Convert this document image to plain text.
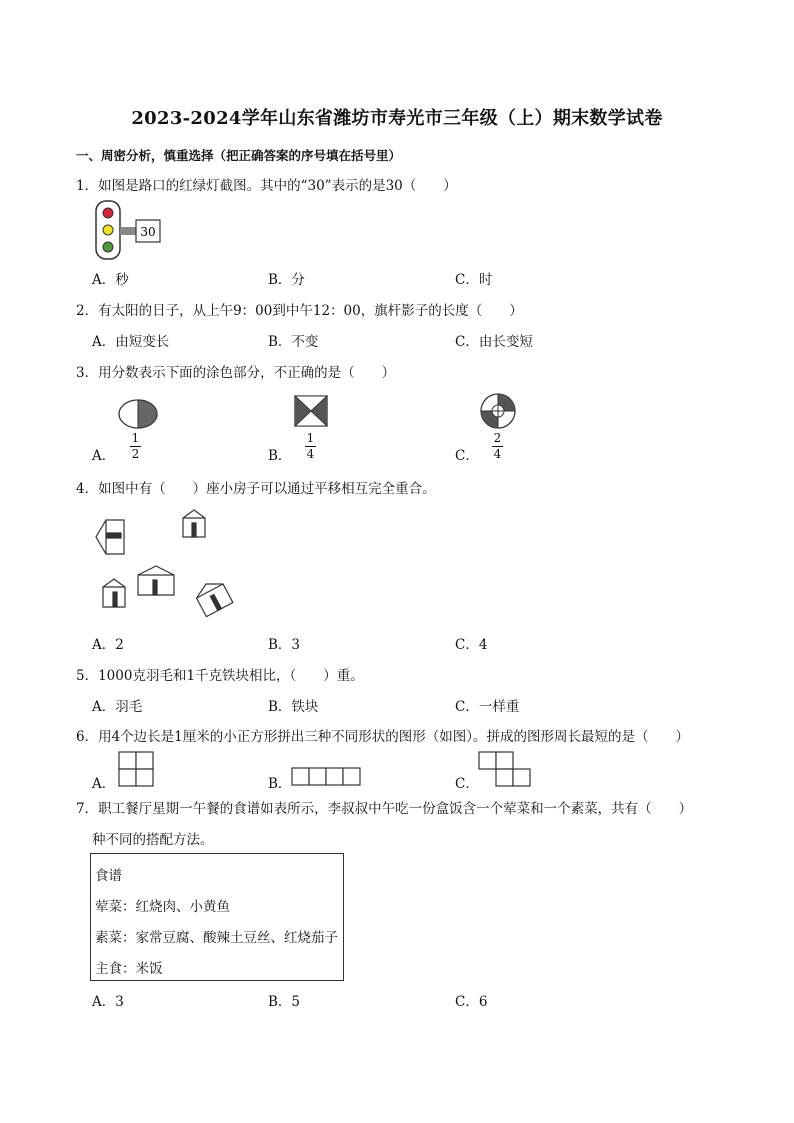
2023-2024学年山东省潍坊市寿光市三年级（上）期末数学试卷
一、周密分析，慎重选择（把正确答案的序号填在括号里）
1．如图是路口的红绿灯截图。其中的“30”表示的是30（　　）
30
A．秒	B．分	C．时
2．有太阳的日子，从上午9：00到中午12：00，旗杆影子的长度（　　）
A．由短变长	B．不变	C．由长变短
3．用分数表示下面的涂色部分，不正确的是（　　）
A．
1
2	B．
1
4	C．
2
4
4．如图中有（　　）座小房子可以通过平移相互完全重合。
A．2	B．3	C．4
5．1000克羽毛和1千克铁块相比，（　　）重。
A．羽毛	B．铁块	C．一样重
6．用4个边长是1厘米的小正方形拼出三种不同形状的图形（如图）。拼成的图形周长最短的是（　　）
A．	B．	C．
7．职工餐厅星期一午餐的食谱如表所示，李叔叔中午吃一份盒饭含一个荤菜和一个素菜，共有（　　）
种不同的搭配方法。
食谱
荤菜：红烧肉、小黄鱼
素菜：家常豆腐、酸辣土豆丝、红烧茄子
主食：米饭
A．3	B．5	C．6
